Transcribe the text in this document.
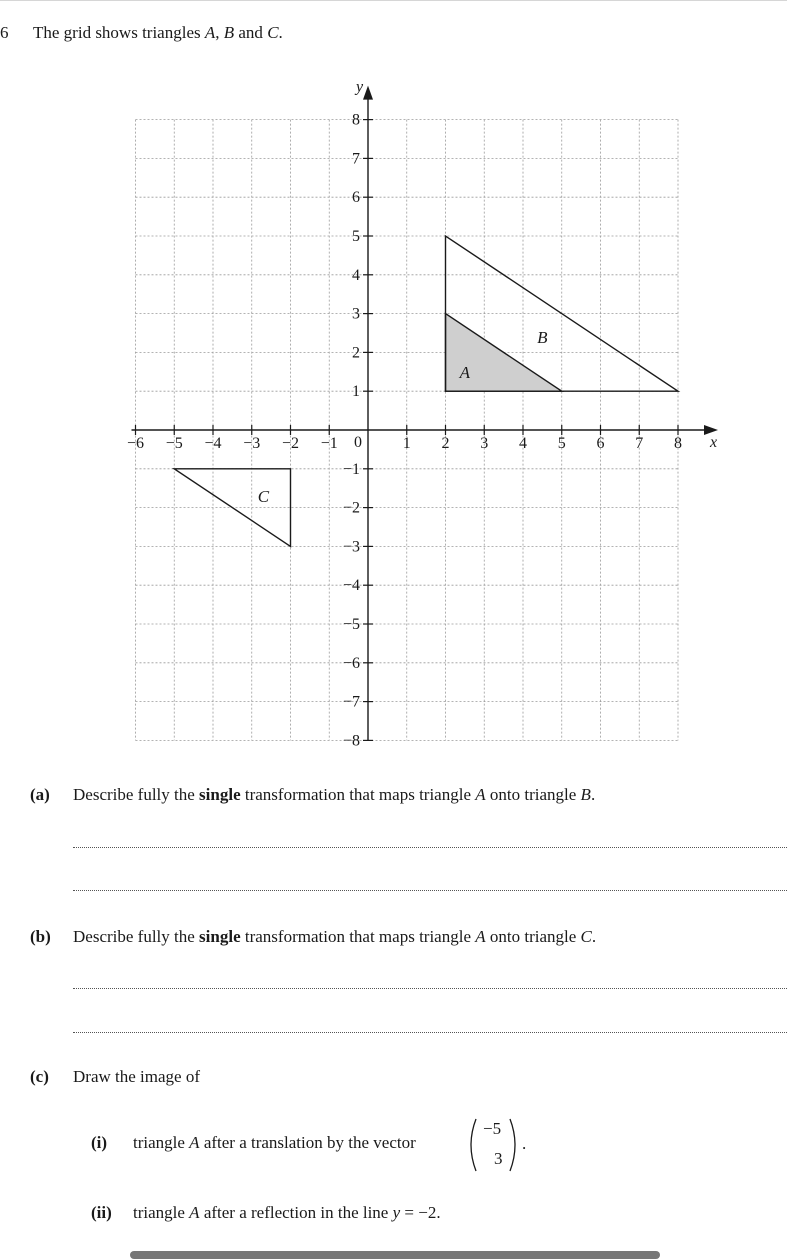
6 The grid shows triangles A, B and C.
A
B
C
x
y
0
−6 −5 −4 −3 −2 −1	1 2 3 4 5 6 7 8
8
7
6
5
4
3
2
1
−1
−2
−3
−4
−5
−6
−7
−8
(a) Describe fully the single transformation that maps triangle A onto triangle B.
(b) Describe fully the single transformation that maps triangle A onto triangle C.
(c) Draw the image of
(i) triangle A after a translation by the vector
−5
3
.
(ii) triangle A after a reflection in the line y = −2.
